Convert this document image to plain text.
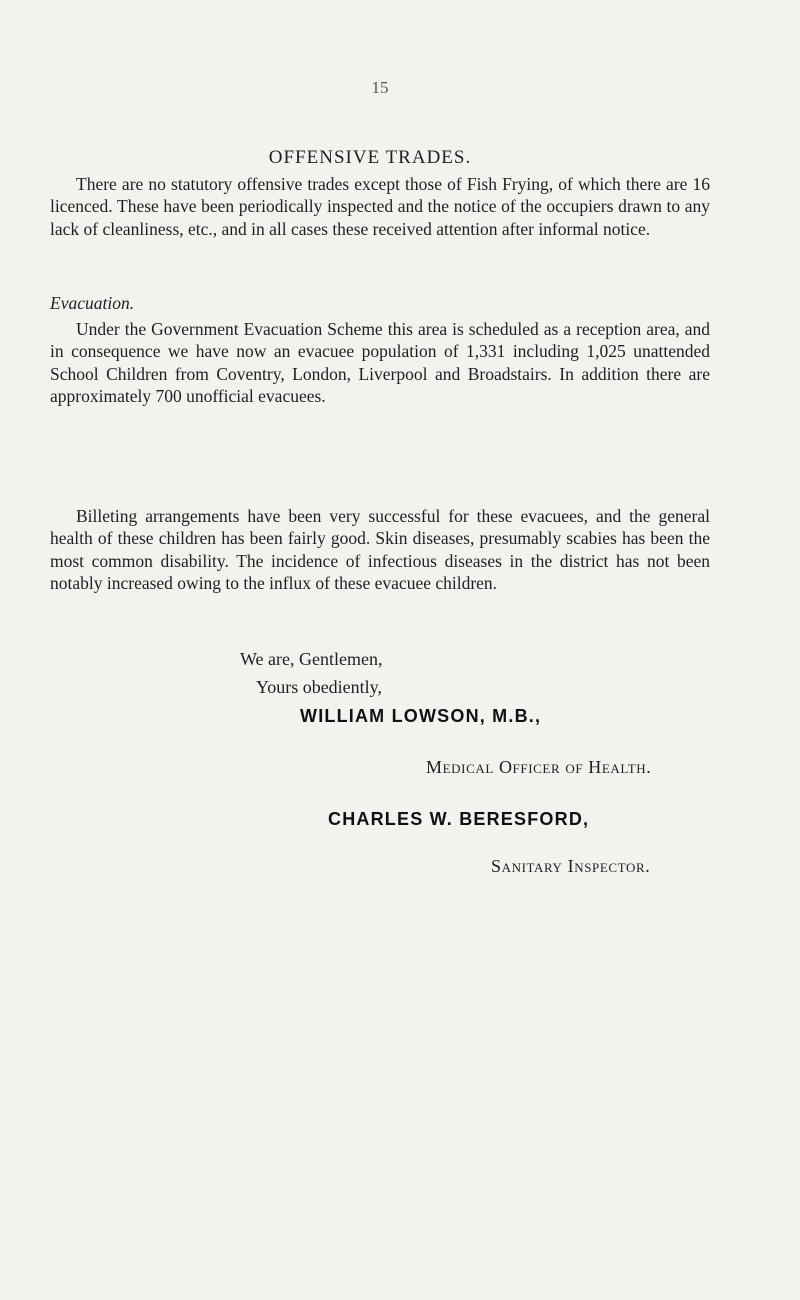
15
OFFENSIVE TRADES.

There are no statutory offensive trades except those of Fish Frying, of which there are 16 licenced. These have been periodically inspected and the notice of the occupiers drawn to any lack of cleanliness, etc., and in all cases these received attention after informal notice.

Evacuation.

Under the Government Evacuation Scheme this area is scheduled as a reception area, and in consequence we have now an evacuee population of 1,331 including 1,025 unattended School Children from Coventry, London, Liverpool and Broadstairs. In addition there are approximately 700 unofficial evacuees.

Billeting arrangements have been very successful for these evacuees, and the general health of these children has been fairly good. Skin diseases, presumably scabies has been the most common disability. The incidence of infectious diseases in the district has not been notably increased owing to the influx of these evacuee children.

We are, Gentlemen,
Yours obediently,
WILLIAM LOWSON, M.B.,
Medical Officer of Health.
CHARLES W. BERESFORD,
Sanitary Inspector.
